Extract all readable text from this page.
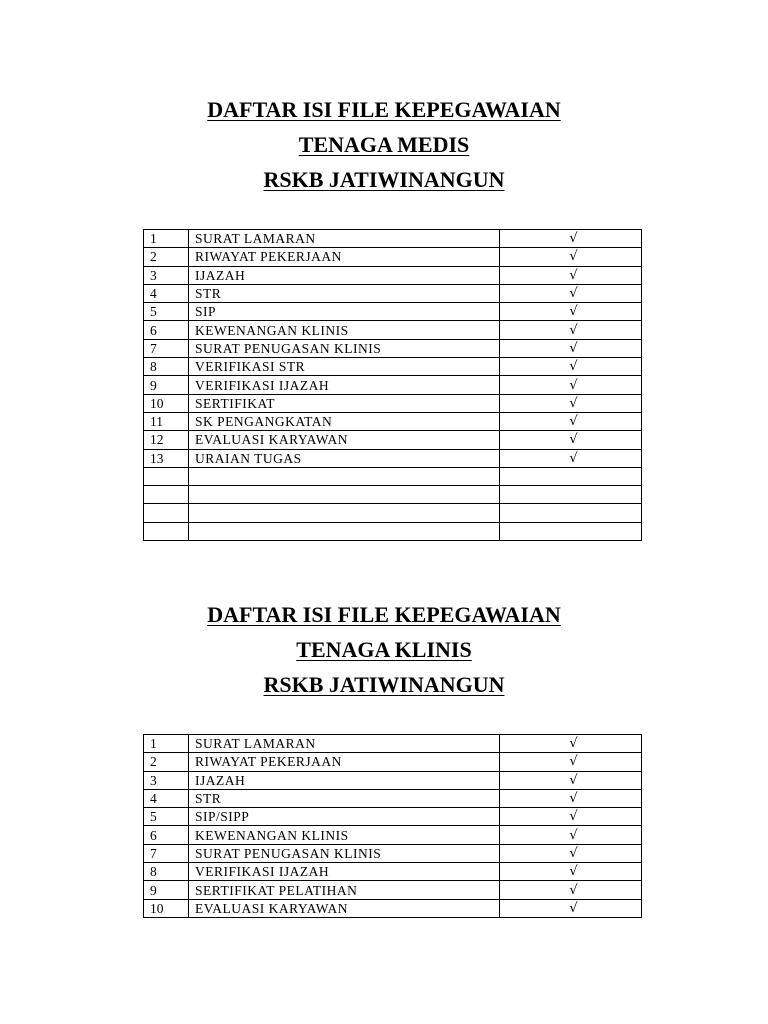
DAFTAR ISI FILE KEPEGAWAIAN
TENAGA MEDIS
RSKB JATIWINANGUN
1	SURAT LAMARAN	√
2	RIWAYAT PEKERJAAN	√
3	IJAZAH	√
4	STR	√
5	SIP	√
6	KEWENANGAN KLINIS	√
7	SURAT PENUGASAN KLINIS	√
8	VERIFIKASI STR	√
9	VERIFIKASI IJAZAH	√
10	SERTIFIKAT	√
11	SK PENGANGKATAN	√
12	EVALUASI KARYAWAN	√
13	URAIAN TUGAS	√

DAFTAR ISI FILE KEPEGAWAIAN
TENAGA KLINIS
RSKB JATIWINANGUN
1	SURAT LAMARAN	√
2	RIWAYAT PEKERJAAN	√
3	IJAZAH	√
4	STR	√
5	SIP/SIPP	√
6	KEWENANGAN KLINIS	√
7	SURAT PENUGASAN KLINIS	√
8	VERIFIKASI IJAZAH	√
9	SERTIFIKAT PELATIHAN	√
10	EVALUASI KARYAWAN	√
